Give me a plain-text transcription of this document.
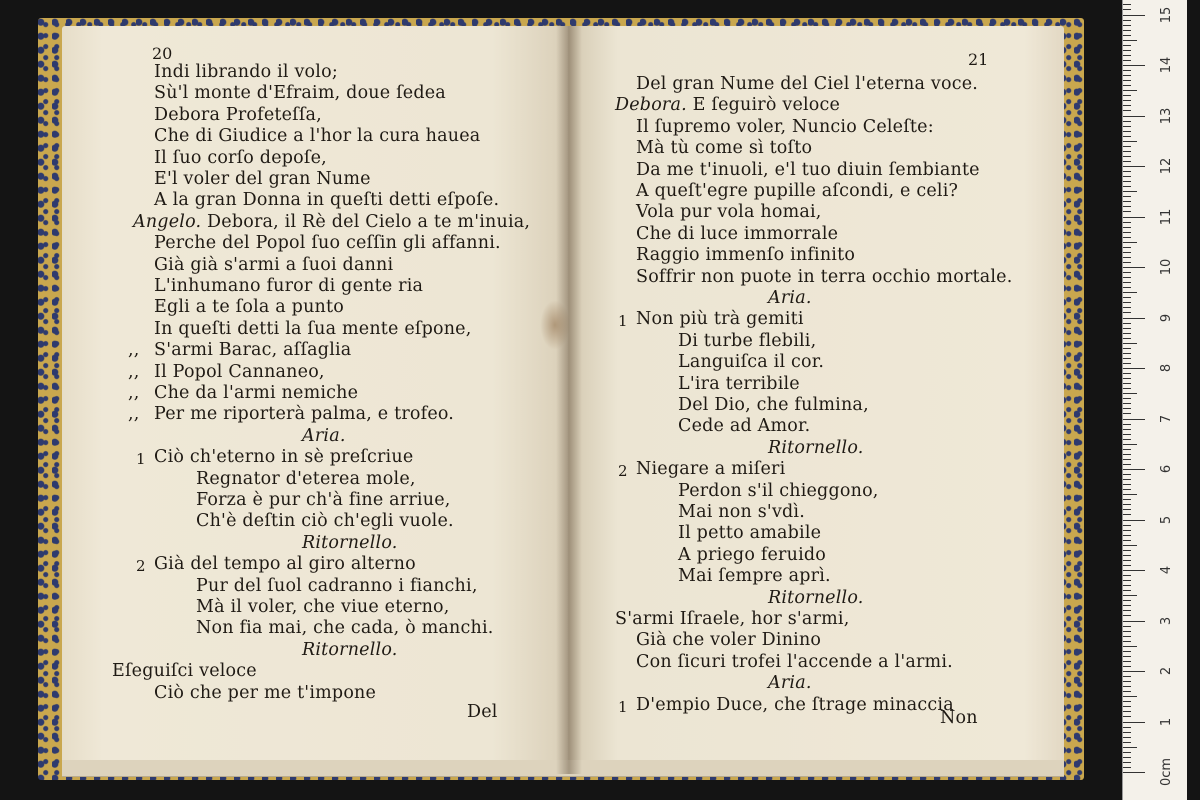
20
Del
Indi librando il volo;
Sù'l monte d'Efraim, doue ſedea
Debora Profeteſſa,
Che di Giudice a l'hor la cura hauea
Il ſuo corſo depoſe,
E'l voler del gran Nume
A la gran Donna in queſti detti eſpoſe.
Angelo. Debora, il Rè del Cielo a te m'inuia,
Perche del Popol ſuo ceſſin gli affanni.
Già già s'armi a ſuoi danni
L'inhumano furor di gente ria
Egli a te ſola a punto
In queſti detti la ſua mente eſpone,
,, S'armi Barac, aſſaglia
,, Il Popol Cannaneo,
,, Che da l'armi nemiche
,, Per me riporterà palma, e trofeo.
Aria.
1 Ciò ch'eterno in sè preſcriue
Regnator d'eterea mole,
Forza è pur ch'à fine arriue,
Ch'è deſtin ciò ch'egli vuole.
Ritornello.
2 Già del tempo al giro alterno
Pur del ſuol cadranno i fianchi,
Mà il voler, che viue eterno,
Non fia mai, che cada, ò manchi.
Ritornello.
Eſeguiſci veloce
Ciò che per me t'impone
21
Non
Del gran Nume del Ciel l'eterna voce.
Debora. E ſeguirò veloce
Il ſupremo voler, Nuncio Celeſte:
Mà tù come sì toſto
Da me t'inuoli, e'l tuo diuin ſembiante
A queſt'egre pupille aſcondi, e celi?
Vola pur vola homai,
Che di luce immorrale
Raggio immenſo infinito
Soffrir non puote in terra occhio mortale.
Aria.
1 Non più trà gemiti
Di turbe flebili,
Languiſca il cor.
L'ira terribile
Del Dio, che fulmina,
Cede ad Amor.
Ritornello.
2 Niegare a miſeri
Perdon s'il chieggono,
Mai non s'vdì.
Il petto amabile
A priego feruido
Mai ſempre aprì.
Ritornello.
S'armi Iſraele, hor s'armi,
Già che voler Dinino
Con ſicuri trofei l'accende a l'armi.
Aria.
1 D'empio Duce, che ſtrage minaccia
0cm
1
2
3
4
5
6
7
8
9
10
11
12
13
14
15
